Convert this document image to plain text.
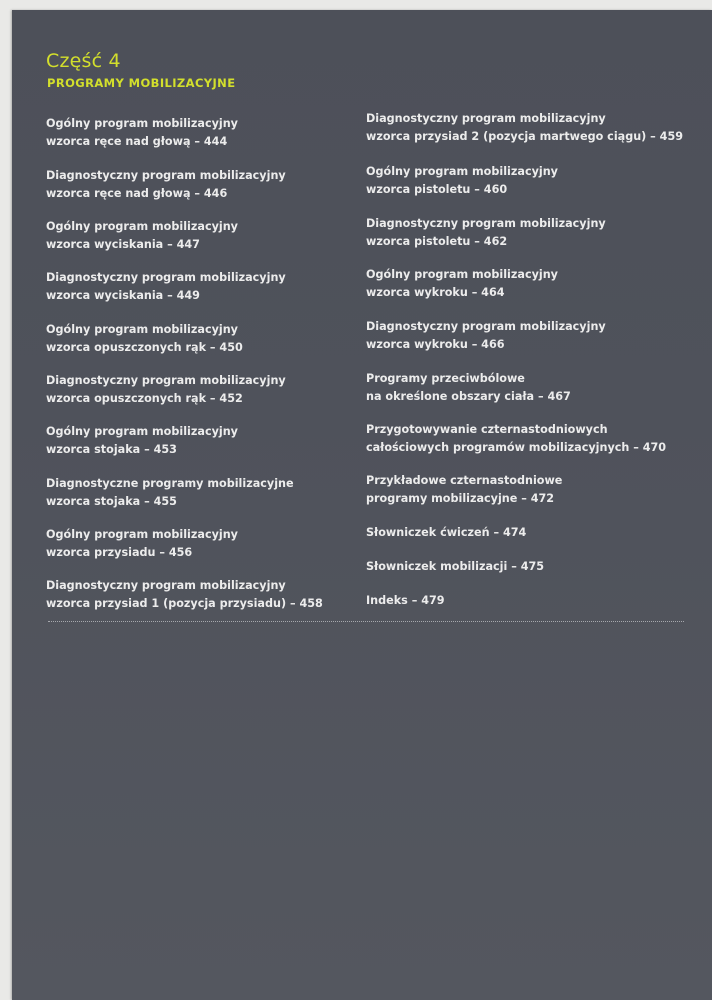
Część 4
PROGRAMY MOBILIZACYJNE

Ogólny program mobilizacyjny
wzorca ręce nad głową – 444

Diagnostyczny program mobilizacyjny
wzorca ręce nad głową – 446

Ogólny program mobilizacyjny
wzorca wyciskania – 447

Diagnostyczny program mobilizacyjny
wzorca wyciskania – 449

Ogólny program mobilizacyjny
wzorca opuszczonych rąk – 450

Diagnostyczny program mobilizacyjny
wzorca opuszczonych rąk – 452

Ogólny program mobilizacyjny
wzorca stojaka – 453

Diagnostyczne programy mobilizacyjne
wzorca stojaka – 455

Ogólny program mobilizacyjny
wzorca przysiadu – 456

Diagnostyczny program mobilizacyjny
wzorca przysiad 1 (pozycja przysiadu) – 458

Diagnostyczny program mobilizacyjny
wzorca przysiad 2 (pozycja martwego ciągu) – 459

Ogólny program mobilizacyjny
wzorca pistoletu – 460

Diagnostyczny program mobilizacyjny
wzorca pistoletu – 462

Ogólny program mobilizacyjny
wzorca wykroku – 464

Diagnostyczny program mobilizacyjny
wzorca wykroku – 466

Programy przeciwbólowe
na określone obszary ciała – 467

Przygotowywanie czternastodniowych
całościowych programów mobilizacyjnych – 470

Przykładowe czternastodniowe
programy mobilizacyjne – 472

Słowniczek ćwiczeń – 474

Słowniczek mobilizacji – 475

Indeks – 479
